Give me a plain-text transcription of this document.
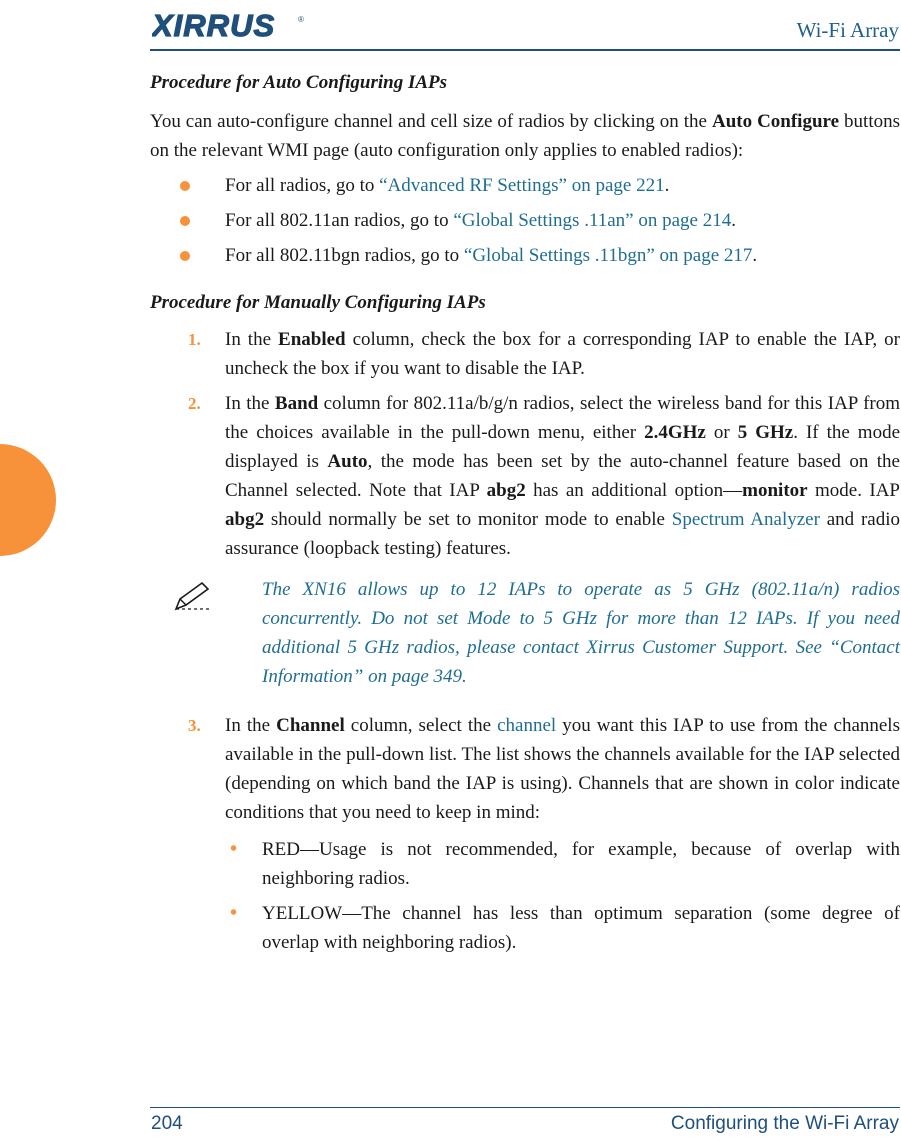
XIRRUS	®	Wi-Fi Array

Procedure for Auto Configuring IAPs

You can auto-configure channel and cell size of radios by clicking on the Auto Configure buttons on the relevant WMI page (auto configuration only applies to enabled radios):

For all radios, go to “Advanced RF Settings” on page 221.
For all 802.11an radios, go to “Global Settings .11an” on page 214.
For all 802.11bgn radios, go to “Global Settings .11bgn” on page 217.

Procedure for Manually Configuring IAPs

1. In the Enabled column, check the box for a corresponding IAP to enable the IAP, or uncheck the box if you want to disable the IAP.

2. In the Band column for 802.11a/b/g/n radios, select the wireless band for this IAP from the choices available in the pull-down menu, either 2.4GHz or 5 GHz. If the mode displayed is Auto, the mode has been set by the auto-channel feature based on the Channel selected. Note that IAP abg2 has an additional option—monitor mode. IAP abg2 should normally be set to monitor mode to enable Spectrum Analyzer and radio assurance (loopback testing) features.

The XN16 allows up to 12 IAPs to operate as 5 GHz (802.11a/n) radios concurrently. Do not set Mode to 5 GHz for more than 12 IAPs. If you need additional 5 GHz radios, please contact Xirrus Customer Support. See “Contact Information” on page 349.

3. In the Channel column, select the channel you want this IAP to use from the channels available in the pull-down list. The list shows the channels available for the IAP selected (depending on which band the IAP is using). Channels that are shown in color indicate conditions that you need to keep in mind:

• RED—Usage is not recommended, for example, because of overlap with neighboring radios.

• YELLOW—The channel has less than optimum separation (some degree of overlap with neighboring radios).

204	Configuring the Wi-Fi Array
